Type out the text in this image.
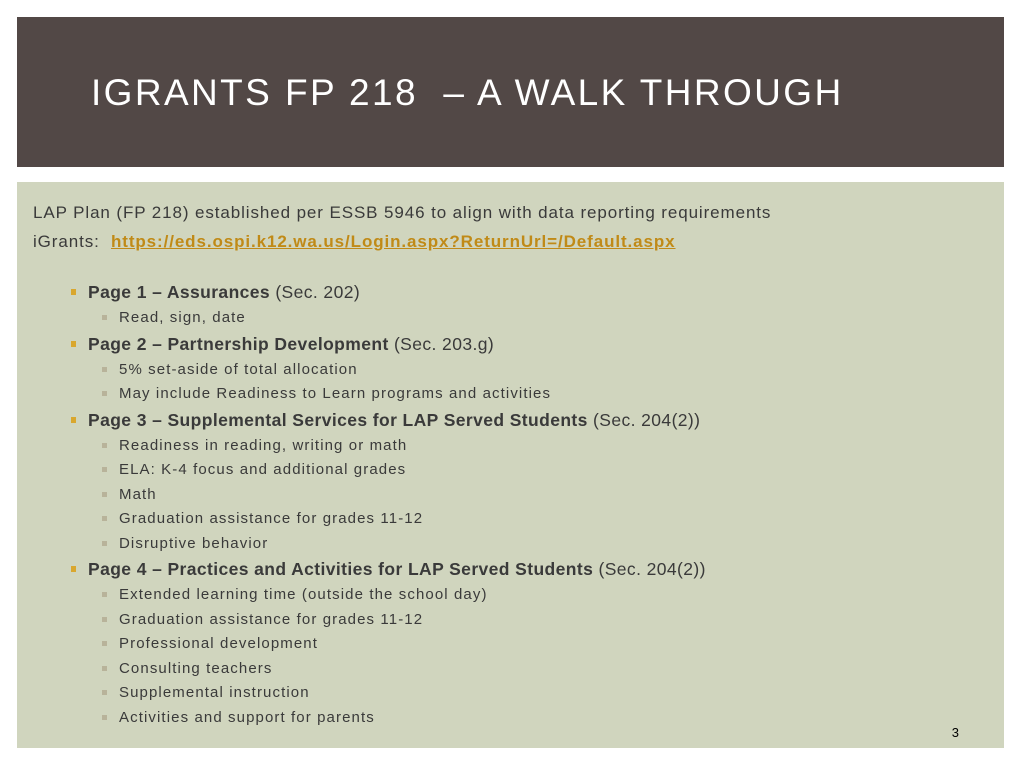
IGRANTS FP 218  – A WALK THROUGH
LAP Plan (FP 218) established per ESSB 5946 to align with data reporting requirements
iGrants:  https://eds.ospi.k12.wa.us/Login.aspx?ReturnUrl=/Default.aspx
Page 1 – Assurances (Sec. 202)
Read, sign, date
Page 2 – Partnership Development (Sec. 203.g)
5% set-aside of total allocation
May include Readiness to Learn programs and activities
Page 3 – Supplemental Services for LAP Served Students (Sec. 204(2))
Readiness in reading, writing or math
ELA: K-4 focus and additional grades
Math
Graduation assistance for grades 11-12
Disruptive behavior
Page 4 – Practices and Activities for LAP Served Students (Sec. 204(2))
Extended learning time (outside the school day)
Graduation assistance for grades 11-12
Professional development
Consulting teachers
Supplemental instruction
Activities and support for parents
3
